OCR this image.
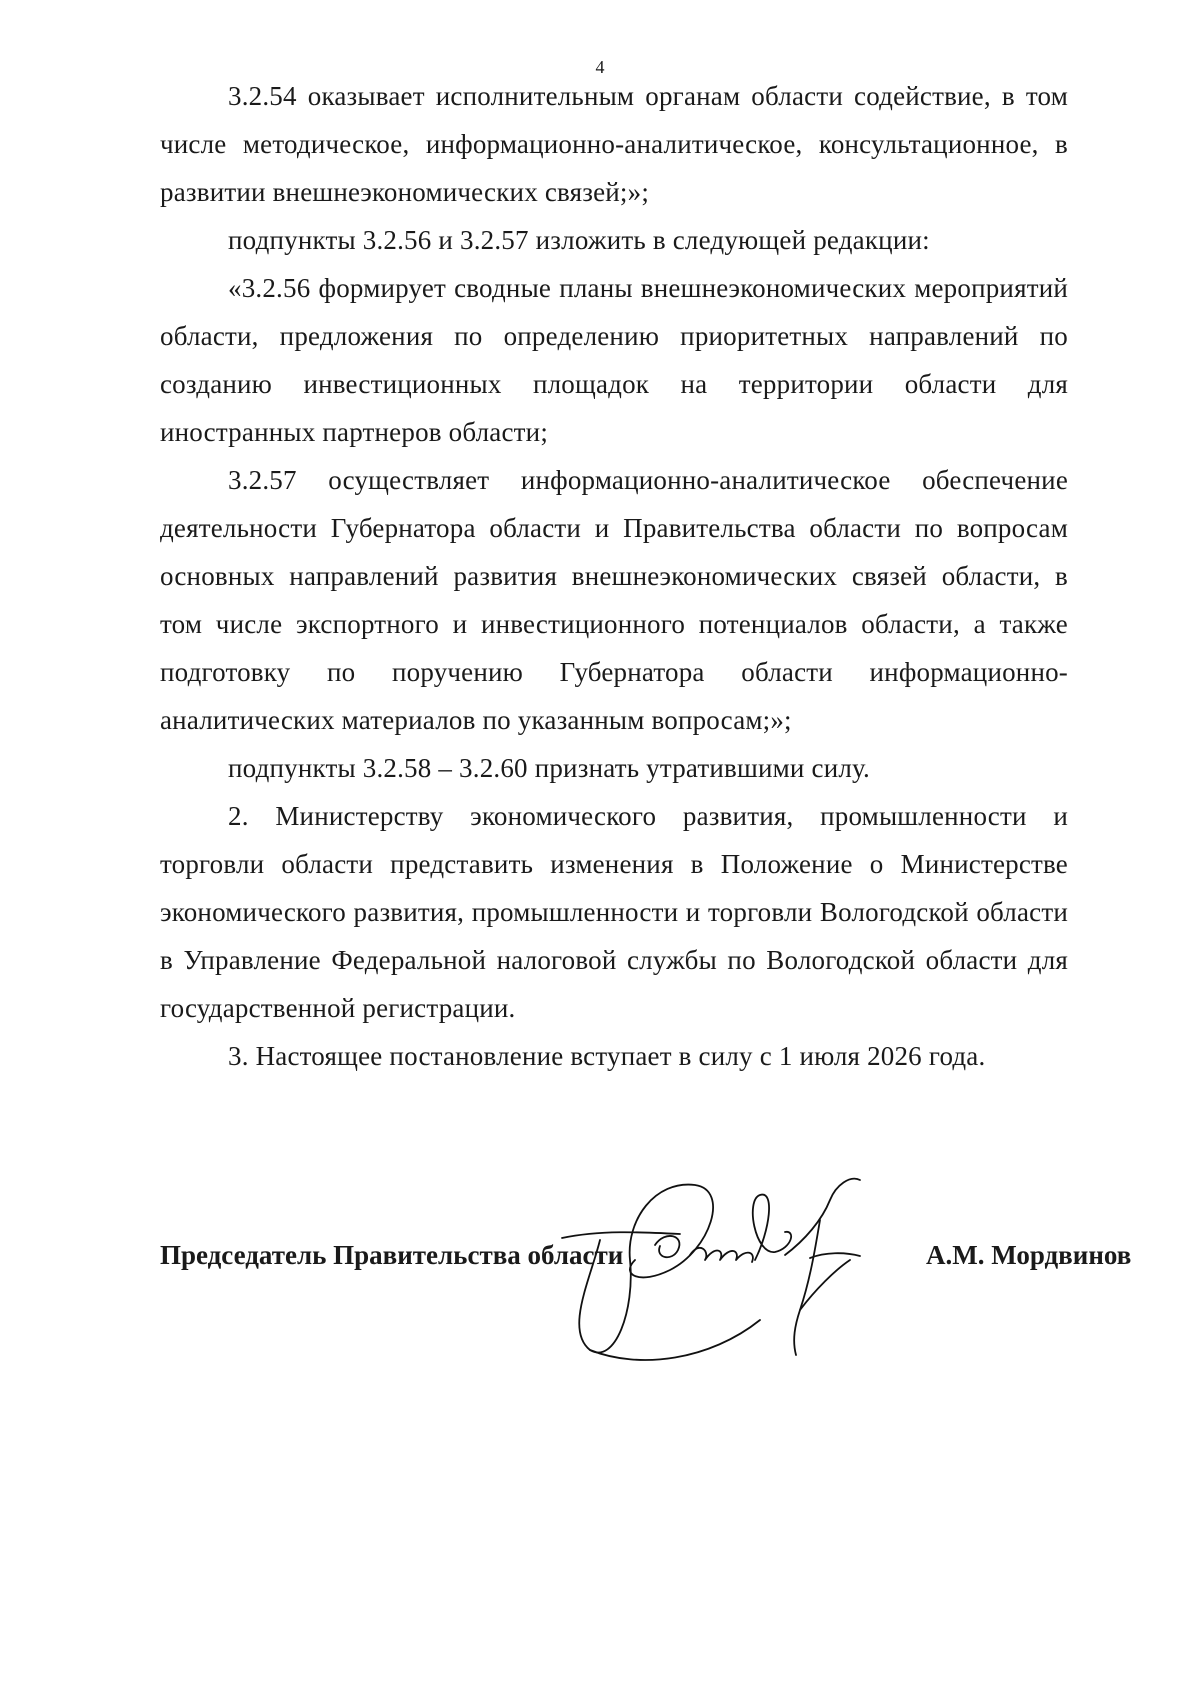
4

3.2.54 оказывает исполнительным органам области содействие, в том числе методическое, информационно-аналитическое, консультационное, в развитии внешнеэкономических связей;»;

подпункты 3.2.56 и 3.2.57 изложить в следующей редакции:

«3.2.56 формирует сводные планы внешнеэкономических мероприятий области, предложения по определению приоритетных направлений по созданию инвестиционных площадок на территории области для иностранных партнеров области;

3.2.57 осуществляет информационно-аналитическое обеспечение деятельности Губернатора области и Правительства области по вопросам основных направлений развития внешнеэкономических связей области, в том числе экспортного и инвестиционного потенциалов области, а также подготовку по поручению Губернатора области информационно-аналитических материалов по указанным вопросам;»;

подпункты 3.2.58 – 3.2.60 признать утратившими силу.

2. Министерству экономического развития, промышленности и торговли области представить изменения в Положение о Министерстве экономического развития, промышленности и торговли Вологодской области в Управление Федеральной налоговой службы по Вологодской области для государственной регистрации.

3. Настоящее постановление вступает в силу с 1 июля 2026 года.

Председатель Правительства области	А.М. Мордвинов
